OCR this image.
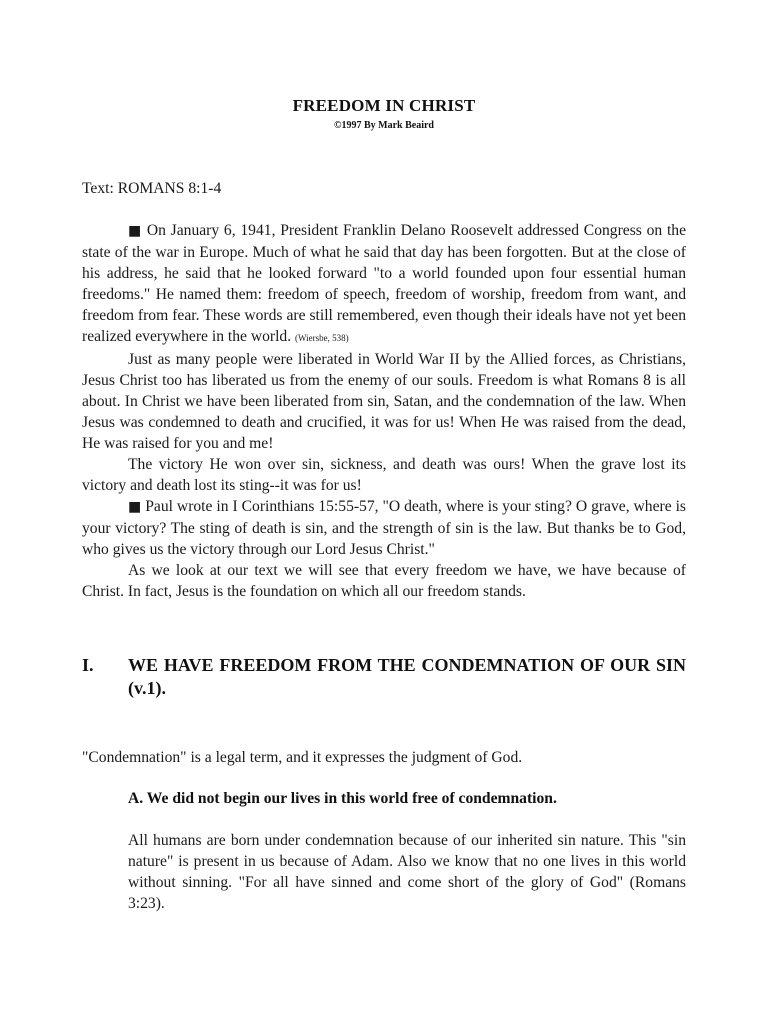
FREEDOM IN CHRIST
©1997 By Mark Beaird

Text: ROMANS 8:1-4

■ On January 6, 1941, President Franklin Delano Roosevelt addressed Congress on the state of the war in Europe. Much of what he said that day has been forgotten. But at the close of his address, he said that he looked forward "to a world founded upon four essential human freedoms." He named them: freedom of speech, freedom of worship, freedom from want, and freedom from fear. These words are still remembered, even though their ideals have not yet been realized everywhere in the world. (Wiersbe, 538)

Just as many people were liberated in World War II by the Allied forces, as Christians, Jesus Christ too has liberated us from the enemy of our souls. Freedom is what Romans 8 is all about. In Christ we have been liberated from sin, Satan, and the condemnation of the law. When Jesus was condemned to death and crucified, it was for us! When He was raised from the dead, He was raised for you and me!

The victory He won over sin, sickness, and death was ours! When the grave lost its victory and death lost its sting--it was for us!

■ Paul wrote in I Corinthians 15:55-57, "O death, where is your sting? O grave, where is your victory? The sting of death is sin, and the strength of sin is the law. But thanks be to God, who gives us the victory through our Lord Jesus Christ."

As we look at our text we will see that every freedom we have, we have because of Christ. In fact, Jesus is the foundation on which all our freedom stands.

I. WE HAVE FREEDOM FROM THE CONDEMNATION OF OUR SIN (v.1).

"Condemnation" is a legal term, and it expresses the judgment of God.

A. We did not begin our lives in this world free of condemnation.

All humans are born under condemnation because of our inherited sin nature. This "sin nature" is present in us because of Adam. Also we know that no one lives in this world without sinning. "For all have sinned and come short of the glory of God" (Romans 3:23).
